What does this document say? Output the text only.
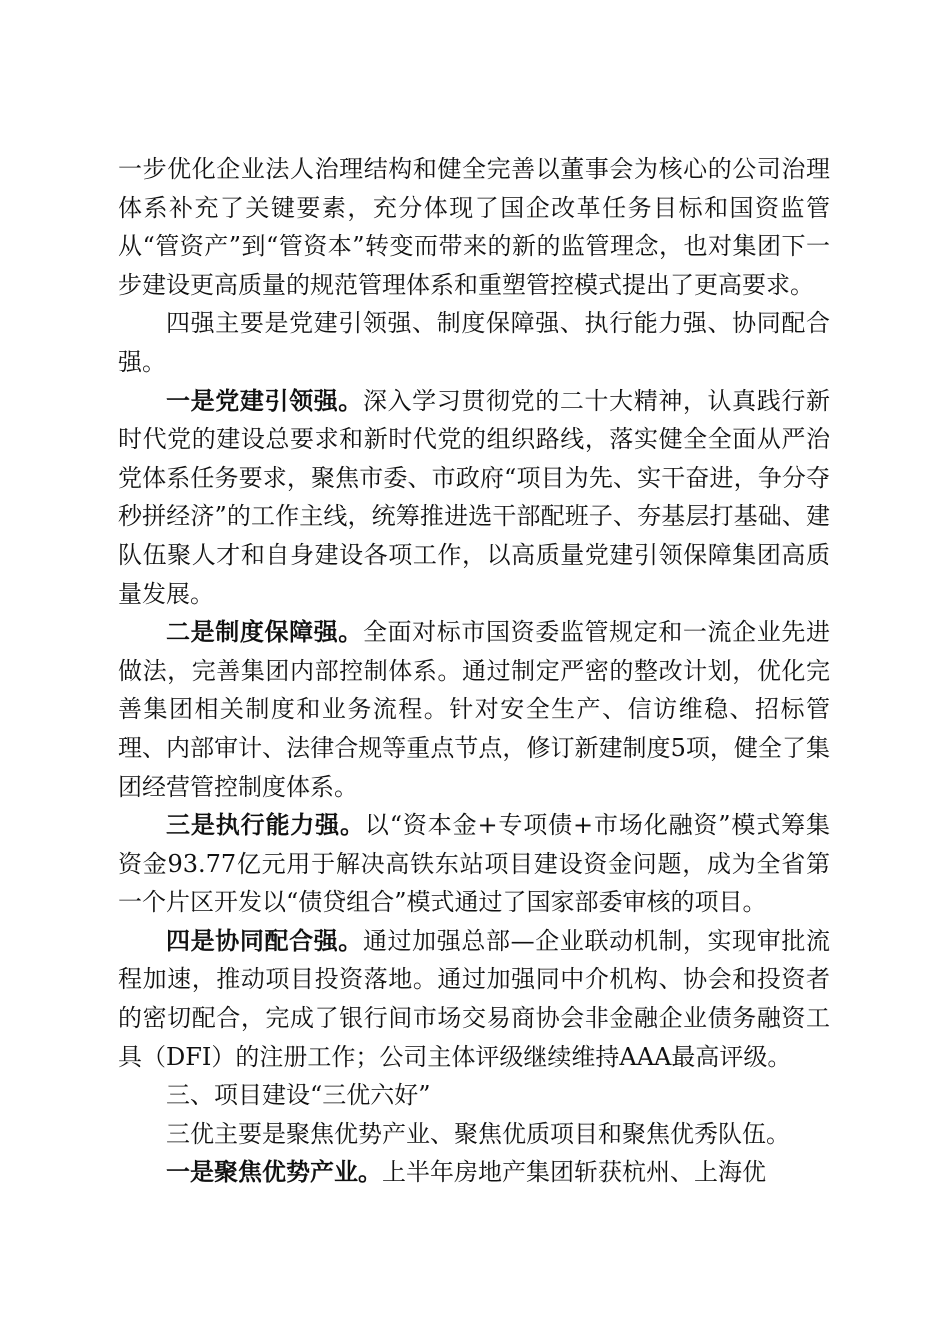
一步优化企业法人治理结构和健全完善以董事会为核心的公司治理体系补充了关键要素，充分体现了国企改革任务目标和国资监管从“管资产”到“管资本”转变而带来的新的监管理念，也对集团下一步建设更高质量的规范管理体系和重塑管控模式提出了更高要求。

四强主要是党建引领强、制度保障强、执行能力强、协同配合强。

一是党建引领强。深入学习贯彻党的二十大精神，认真践行新时代党的建设总要求和新时代党的组织路线，落实健全全面从严治党体系任务要求，聚焦市委、市政府“项目为先、实干奋进，争分夺秒拼经济”的工作主线，统筹推进选干部配班子、夯基层打基础、建队伍聚人才和自身建设各项工作，以高质量党建引领保障集团高质量发展。

二是制度保障强。全面对标市国资委监管规定和一流企业先进做法，完善集团内部控制体系。通过制定严密的整改计划，优化完善集团相关制度和业务流程。针对安全生产、信访维稳、招标管理、内部审计、法律合规等重点节点，修订新建制度5项，健全了集团经营管控制度体系。

三是执行能力强。以“资本金+专项债+市场化融资”模式筹集资金93.77亿元用于解决高铁东站项目建设资金问题，成为全省第一个片区开发以“债贷组合”模式通过了国家部委审核的项目。

四是协同配合强。通过加强总部—企业联动机制，实现审批流程加速，推动项目投资落地。通过加强同中介机构、协会和投资者的密切配合，完成了银行间市场交易商协会非金融企业债务融资工具（DFI）的注册工作；公司主体评级继续维持AAA最高评级。

三、项目建设“三优六好”

三优主要是聚焦优势产业、聚焦优质项目和聚焦优秀队伍。

一是聚焦优势产业。上半年房地产集团斩获杭州、上海优
